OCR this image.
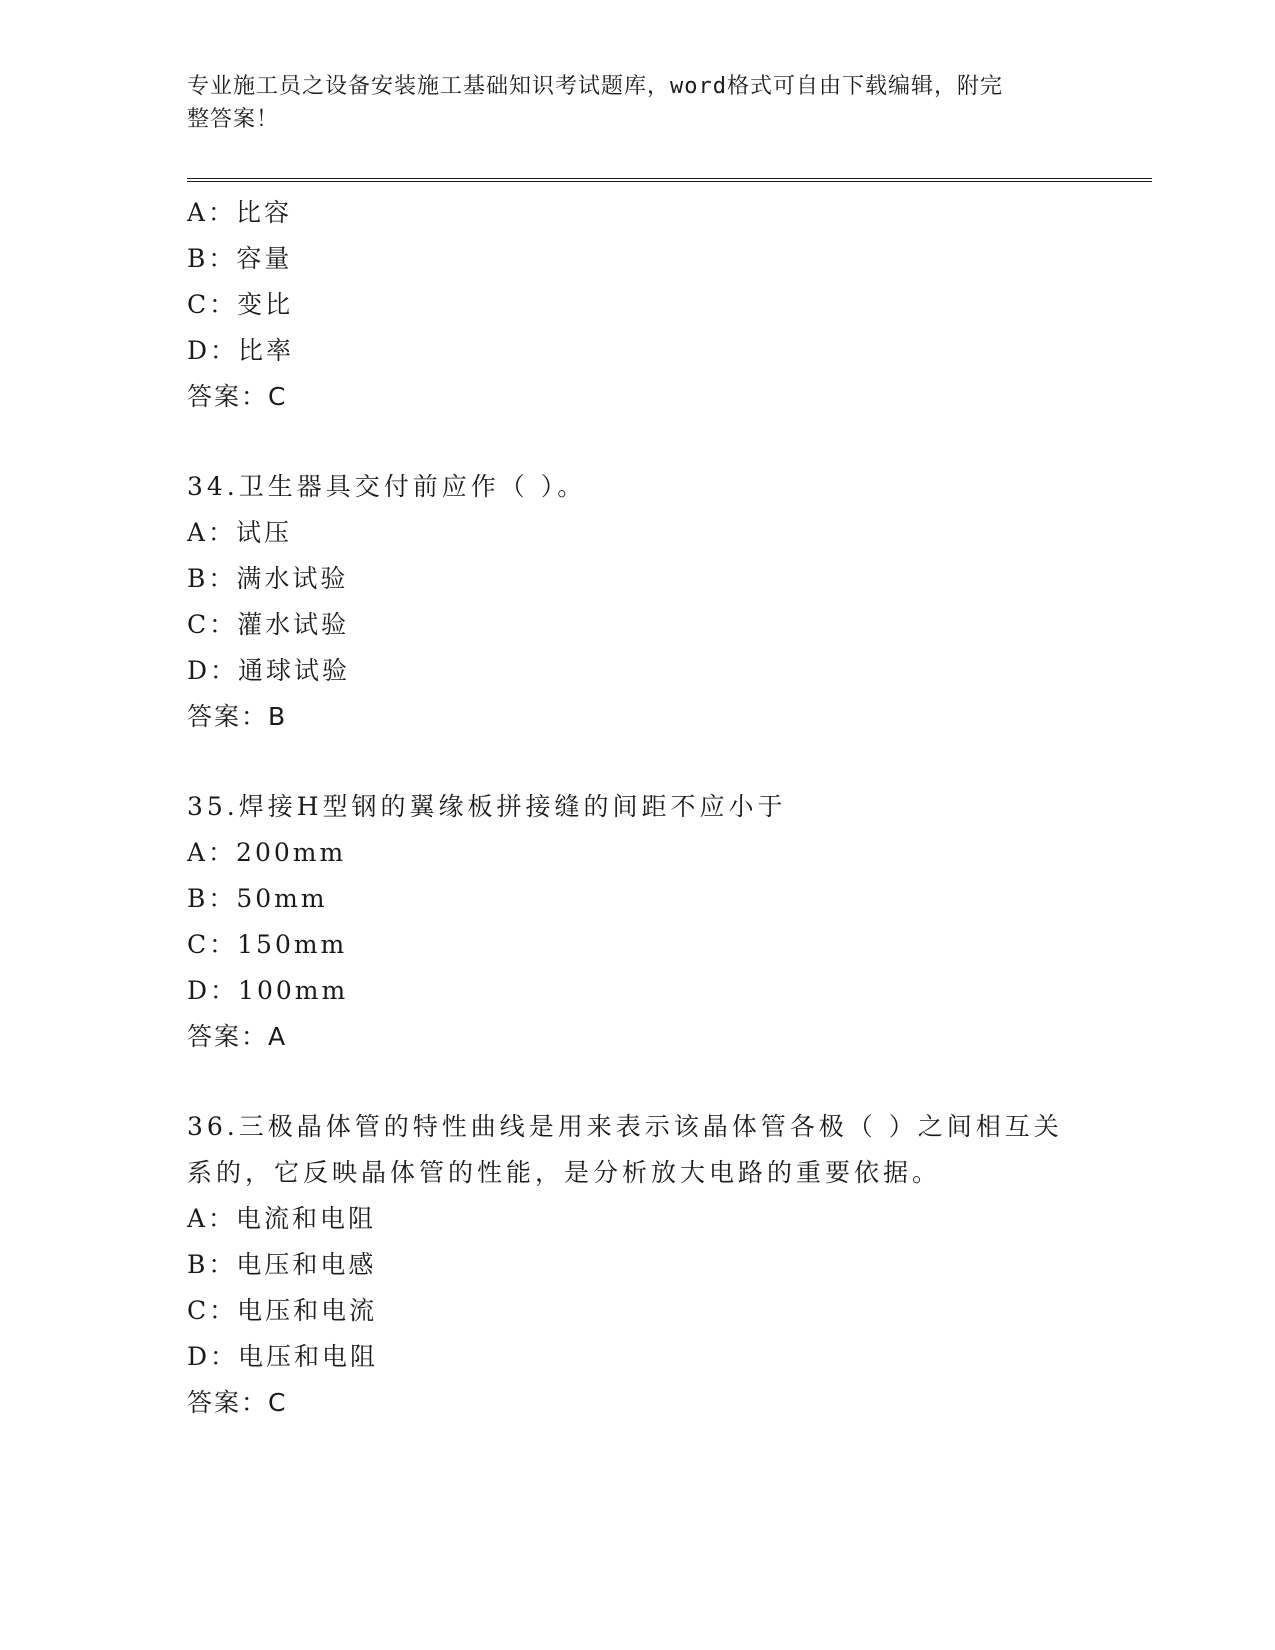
专业施工员之设备安装施工基础知识考试题库，word格式可自由下载编辑，附完
整答案！
A：比容
B：容量
C：变比
D：比率
答案：C
34.卫生器具交付前应作（ ）。
A：试压
B：满水试验
C：灌水试验
D：通球试验
答案：B
35.焊接H型钢的翼缘板拼接缝的间距不应小于
A：200mm
B：50mm
C：150mm
D：100mm
答案：A
36.三极晶体管的特性曲线是用来表示该晶体管各极（ ）之间相互关
系的，它反映晶体管的性能，是分析放大电路的重要依据。
A：电流和电阻
B：电压和电感
C：电压和电流
D：电压和电阻
答案：C
